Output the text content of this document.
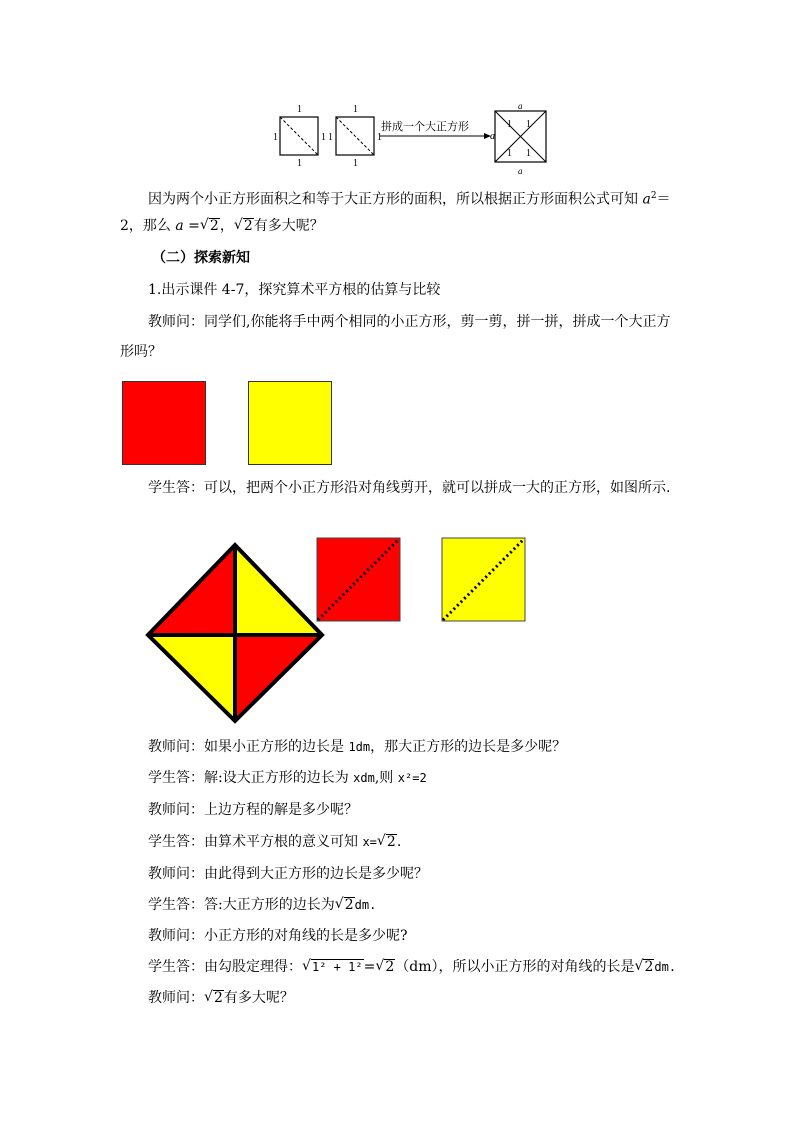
1
1
1	1
1
1
1	1
拼成一个大正方形
a
a
a
1 1
1 1
因为两个小正方形面积之和等于大正方形的面积，所以根据正方形面积公式可知 $a^2=$
2，那么 a = √ 2， √ 2有多大呢？
（二）探索新知
1.出示课件 4-7，探究算术平方根的估算与比较
教师问：同学们,你能将手中两个相同的小正方形，剪一剪，拼一拼，拼成一个大正方
形吗？
学生答：可以，把两个小正方形沿对角线剪开，就可以拼成一大的正方形，如图所示.
教师问：如果小正方形的边长是 1dm，那大正方形的边长是多少呢？
学生答：解:设大正方形的边长为 xdm,则 x²=2
教师问：上边方程的解是多少呢？
学生答：由算术平方根的意义可知 x= √ 2.
教师问：由此得到大正方形的边长是多少呢？
学生答：答:大正方形的边长为 √ 2dm.
教师问：小正方形的对角线的长是多少呢?
学生答：由勾股定理得： √ 1² + 1²= √ 2（dm），所以小正方形的对角线的长是 √ 2dm.
教师问： √ 2有多大呢？
